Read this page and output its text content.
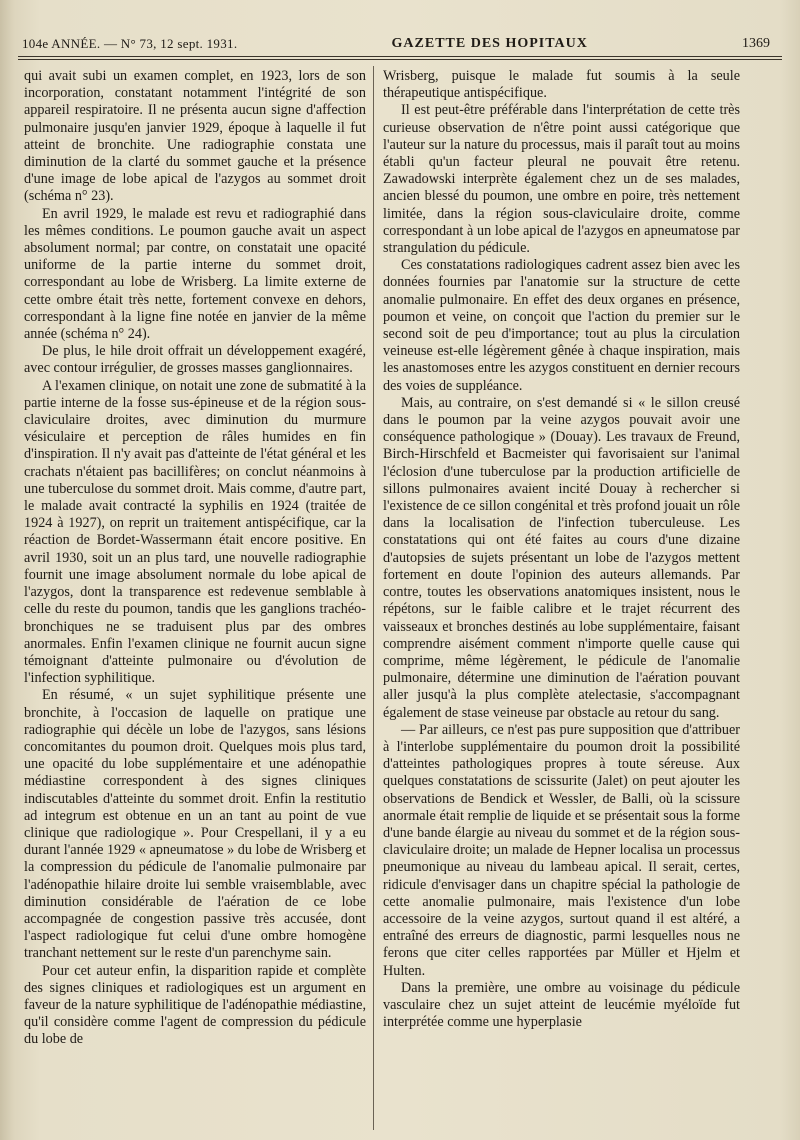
104e ANNÉE. — N° 73, 12 sept. 1931.	GAZETTE DES HOPITAUX	1369

qui avait subi un examen complet, en 1923, lors de son incorporation, constatant notamment l'intégrité de son appareil respiratoire. Il ne présenta aucun signe d'affection pulmonaire jusqu'en janvier 1929, époque à laquelle il fut atteint de bronchite. Une radiographie constata une diminution de la clarté du sommet gauche et la présence d'une image de lobe apical de l'azygos au sommet droit (schéma n° 23).

En avril 1929, le malade est revu et radiographié dans les mêmes conditions. Le poumon gauche avait un aspect absolument normal; par contre, on constatait une opacité uniforme de la partie interne du sommet droit, correspondant au lobe de Wrisberg. La limite externe de cette ombre était très nette, fortement convexe en dehors, correspondant à la ligne fine notée en janvier de la même année (schéma n° 24).

De plus, le hile droit offrait un développement exagéré, avec contour irrégulier, de grosses masses ganglionnaires.

A l'examen clinique, on notait une zone de submatité à la partie interne de la fosse sus-épineuse et de la région sous-claviculaire droites, avec diminution du murmure vésiculaire et perception de râles humides en fin d'inspiration. Il n'y avait pas d'atteinte de l'état général et les crachats n'étaient pas bacillifères; on conclut néanmoins à une tuberculose du sommet droit. Mais comme, d'autre part, le malade avait contracté la syphilis en 1924 (traitée de 1924 à 1927), on reprit un traitement antispécifique, car la réaction de Bordet-Wassermann était encore positive. En avril 1930, soit un an plus tard, une nouvelle radiographie fournit une image absolument normale du lobe apical de l'azygos, dont la transparence est redevenue semblable à celle du reste du poumon, tandis que les ganglions trachéo-bronchiques ne se traduisent plus par des ombres anormales. Enfin l'examen clinique ne fournit aucun signe témoignant d'atteinte pulmonaire ou d'évolution de l'infection syphilitique.

En résumé, « un sujet syphilitique présente une bronchite, à l'occasion de laquelle on pratique une radiographie qui décèle un lobe de l'azygos, sans lésions concomitantes du poumon droit. Quelques mois plus tard, une opacité du lobe supplémentaire et une adénopathie médiastine correspondent à des signes cliniques indiscutables d'atteinte du sommet droit. Enfin la restitutio ad integrum est obtenue en un an tant au point de vue clinique que radiologique ». Pour Crespellani, il y a eu durant l'année 1929 « apneumatose » du lobe de Wrisberg et la compression du pédicule de l'anomalie pulmonaire par l'adénopathie hilaire droite lui semble vraisemblable, avec diminution considérable de l'aération de ce lobe accompagnée de congestion passive très accusée, dont l'aspect radiologique fut celui d'une ombre homogène tranchant nettement sur le reste d'un parenchyme sain.

Pour cet auteur enfin, la disparition rapide et complète des signes cliniques et radiologiques est un argument en faveur de la nature syphilitique de l'adénopathie médiastine, qu'il considère comme l'agent de compression du pédicule du lobe de

Wrisberg, puisque le malade fut soumis à la seule thérapeutique antispécifique.

Il est peut-être préférable dans l'interprétation de cette très curieuse observation de n'être point aussi catégorique que l'auteur sur la nature du processus, mais il paraît tout au moins établi qu'un facteur pleural ne pouvait être retenu. Zawadowski interprète également chez un de ses malades, ancien blessé du poumon, une ombre en poire, très nettement limitée, dans la région sous-claviculaire droite, comme correspondant à un lobe apical de l'azygos en apneumatose par strangulation du pédicule.

Ces constatations radiologiques cadrent assez bien avec les données fournies par l'anatomie sur la structure de cette anomalie pulmonaire. En effet des deux organes en présence, poumon et veine, on conçoit que l'action du premier sur le second soit de peu d'importance; tout au plus la circulation veineuse est-elle légèrement gênée à chaque inspiration, mais les anastomoses entre les azygos constituent en dernier recours des voies de suppléance.

Mais, au contraire, on s'est demandé si « le sillon creusé dans le poumon par la veine azygos pouvait avoir une conséquence pathologique » (Douay). Les travaux de Freund, Birch-Hirschfeld et Bacmeister qui favorisaient sur l'animal l'éclosion d'une tuberculose par la production artificielle de sillons pulmonaires avaient incité Douay à rechercher si l'existence de ce sillon congénital et très profond jouait un rôle dans la localisation de l'infection tuberculeuse. Les constatations qui ont été faites au cours d'une dizaine d'autopsies de sujets présentant un lobe de l'azygos mettent fortement en doute l'opinion des auteurs allemands. Par contre, toutes les observations anatomiques insistent, nous le répétons, sur le faible calibre et le trajet récurrent des vaisseaux et bronches destinés au lobe supplémentaire, faisant comprendre aisément comment n'importe quelle cause qui comprime, même légèrement, le pédicule de l'anomalie pulmonaire, détermine une diminution de l'aération pouvant aller jusqu'à la plus complète atelectasie, s'accompagnant également de stase veineuse par obstacle au retour du sang.

— Par ailleurs, ce n'est pas pure supposition que d'attribuer à l'interlobe supplémentaire du poumon droit la possibilité d'atteintes pathologiques propres à toute séreuse. Aux quelques constatations de scissurite (Jalet) on peut ajouter les observations de Bendick et Wessler, de Balli, où la scissure anormale était remplie de liquide et se présentait sous la forme d'une bande élargie au niveau du sommet et de la région sous-claviculaire droite; un malade de Hepner localisa un processus pneumonique au niveau du lambeau apical. Il serait, certes, ridicule d'envisager dans un chapitre spécial la pathologie de cette anomalie pulmonaire, mais l'existence d'un lobe accessoire de la veine azygos, surtout quand il est altéré, a entraîné des erreurs de diagnostic, parmi lesquelles nous ne ferons que citer celles rapportées par Müller et Hjelm et Hulten.

Dans la première, une ombre au voisinage du pédicule vasculaire chez un sujet atteint de leucémie myéloïde fut interprétée comme une hyperplasie
